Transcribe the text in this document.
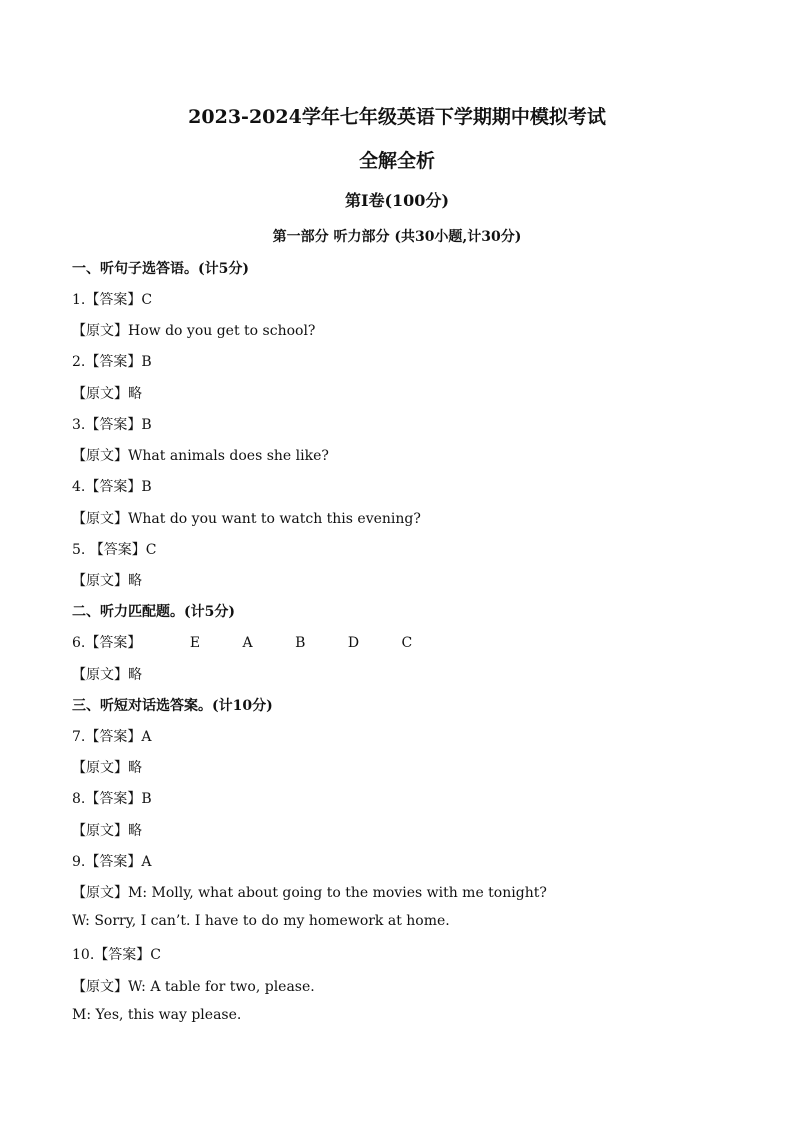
2023-2024学年七年级英语下学期期中模拟考试
全解全析
第Ⅰ卷(100分)
第一部分 听力部分 (共30小题,计30分)
一、听句子选答语。(计5分)
1.【答案】C
【原文】How do you get to school?
2.【答案】B
【原文】略
3.【答案】B
【原文】What animals does she like?
4.【答案】B
【原文】What do you want to watch this evening?
5. 【答案】C
【原文】略
二、听力匹配题。(计5分)
6.【答案】	E	A	B	D	C
【原文】略
三、听短对话选答案。(计10分)
7.【答案】A
【原文】略
8.【答案】B
【原文】略
9.【答案】A
【原文】M: Molly, what about going to the movies with me tonight?
W: Sorry, I can’t. I have to do my homework at home.
10.【答案】C
【原文】W: A table for two, please.
M: Yes, this way please.
